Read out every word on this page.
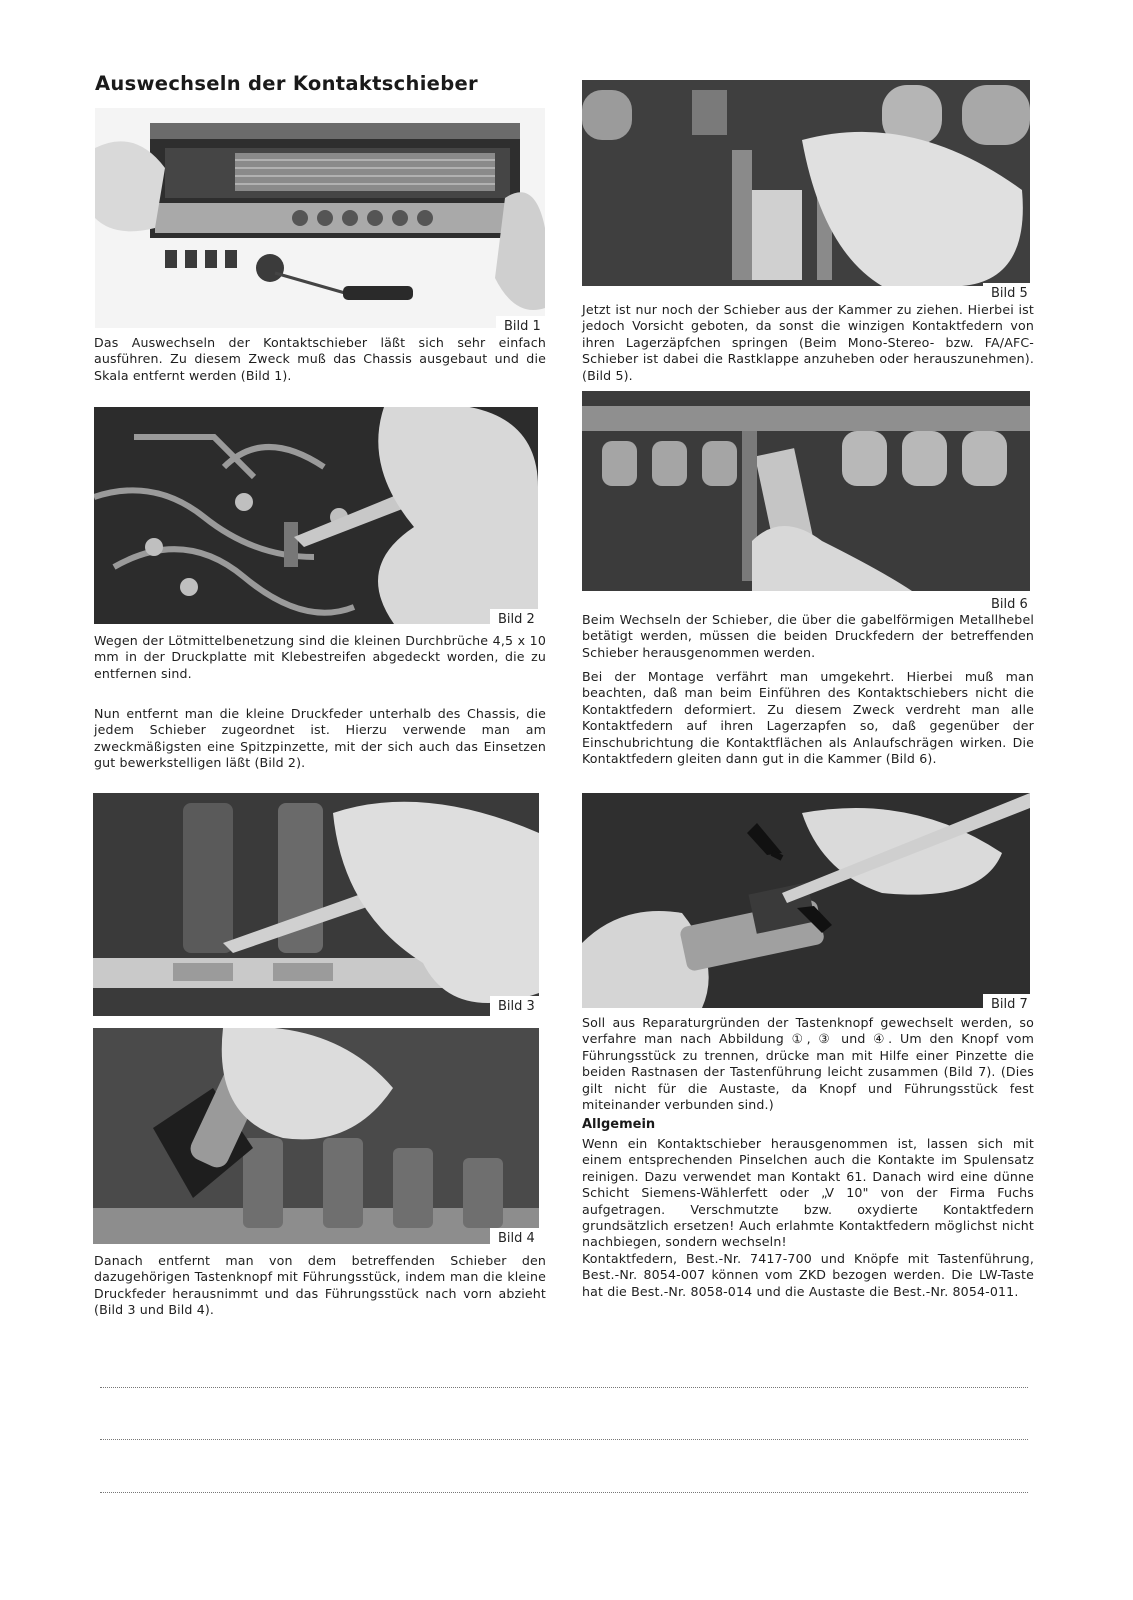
Auswechseln der Kontaktschieber
Bild 1

Das Auswechseln der Kontaktschieber läßt sich sehr einfach ausführen. Zu diesem Zweck muß das Chassis ausgebaut und die Skala entfernt werden (Bild 1).

Bild 2

Wegen der Lötmittelbenetzung sind die kleinen Durchbrüche 4,5 x 10 mm in der Druckplatte mit Klebestreifen abgedeckt worden, die zu entfernen sind.

Nun entfernt man die kleine Druckfeder unterhalb des Chassis, die jedem Schieber zugeordnet ist. Hierzu verwende man am zweckmäßigsten eine Spitzpinzette, mit der sich auch das Einsetzen gut bewerkstelligen läßt (Bild 2).

Bild 3
Bild 4

Danach entfernt man von dem betreffenden Schieber den dazugehörigen Tastenknopf mit Führungsstück, indem man die kleine Druckfeder herausnimmt und das Führungsstück nach vorn abzieht (Bild 3 und Bild 4).

Bild 5

Jetzt ist nur noch der Schieber aus der Kammer zu ziehen. Hierbei ist jedoch Vorsicht geboten, da sonst die winzigen Kontaktfedern von ihren Lagerzäpfchen springen (Beim Mono-Stereo- bzw. FA/AFC-Schieber ist dabei die Rastklappe anzuheben oder herauszunehmen). (Bild 5).

Bild 6

Beim Wechseln der Schieber, die über die gabelförmigen Metallhebel betätigt werden, müssen die beiden Druckfedern der betreffenden Schieber herausgenommen werden.

Bei der Montage verfährt man umgekehrt. Hierbei muß man beachten, daß man beim Einführen des Kontaktschiebers nicht die Kontaktfedern deformiert. Zu diesem Zweck verdreht man alle Kontaktfedern auf ihren Lagerzapfen so, daß gegenüber der Einschubrichtung die Kontaktflächen als Anlaufschrägen wirken. Die Kontaktfedern gleiten dann gut in die Kammer (Bild 6).

Bild 7

Soll aus Reparaturgründen der Tastenknopf gewechselt werden, so verfahre man nach Abbildung ①, ③ und ④. Um den Knopf vom Führungsstück zu trennen, drücke man mit Hilfe einer Pinzette die beiden Rastnasen der Tastenführung leicht zusammen (Bild 7). (Dies gilt nicht für die Austaste, da Knopf und Führungsstück fest miteinander verbunden sind.)

Allgemein

Wenn ein Kontaktschieber herausgenommen ist, lassen sich mit einem entsprechenden Pinselchen auch die Kontakte im Spulensatz reinigen. Dazu verwendet man Kontakt 61. Danach wird eine dünne Schicht Siemens-Wählerfett oder „V 10" von der Firma Fuchs aufgetragen. Verschmutzte bzw. oxydierte Kontaktfedern grundsätzlich ersetzen! Auch erlahmte Kontaktfedern möglichst nicht nachbiegen, sondern wechseln!

Kontaktfedern, Best.-Nr. 7417-700 und Knöpfe mit Tastenführung, Best.-Nr. 8054-007 können vom ZKD bezogen werden. Die LW-Taste hat die Best.-Nr. 8058-014 und die Austaste die Best.-Nr. 8054-011.
